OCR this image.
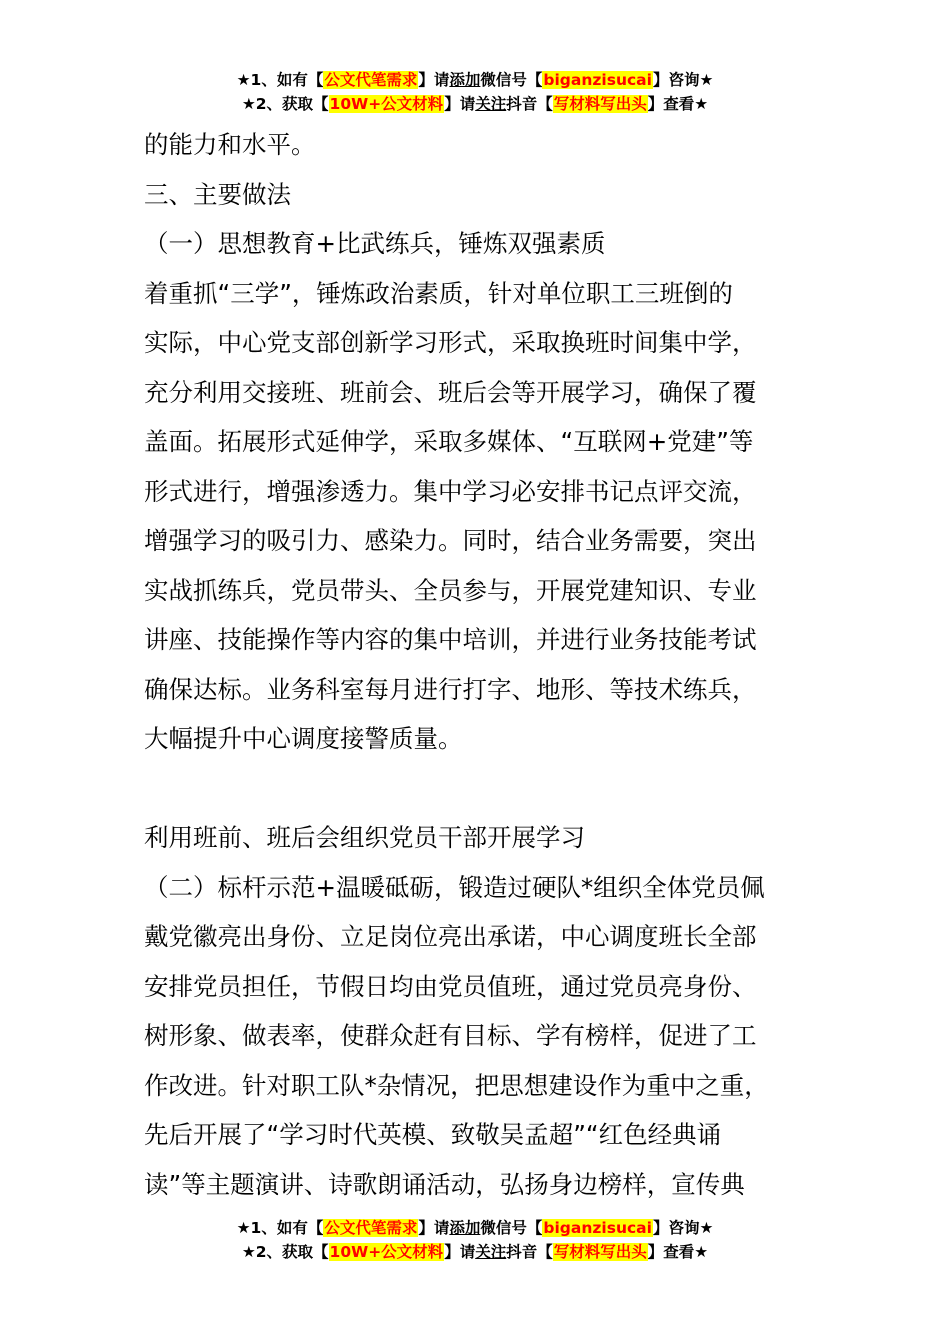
★1、如有【公文代笔需求】请添加微信号【biganzisucai】咨询★
★2、获取【10W+公文材料】请关注抖音【写材料写出头】查看★

的能力和水平。

三、主要做法

（一）思想教育+比武练兵，锤炼双强素质

着重抓“三学”，锤炼政治素质，针对单位职工三班倒的

实际，中心党支部创新学习形式，采取换班时间集中学，

充分利用交接班、班前会、班后会等开展学习，确保了覆

盖面。拓展形式延伸学，采取多媒体、“互联网+党建”等

形式进行，增强渗透力。集中学习必安排书记点评交流，

增强学习的吸引力、感染力。同时，结合业务需要，突出

实战抓练兵，党员带头、全员参与，开展党建知识、专业

讲座、技能操作等内容的集中培训，并进行业务技能考试

确保达标。业务科室每月进行打字、地形、等技术练兵，

大幅提升中心调度接警质量。

利用班前、班后会组织党员干部开展学习

（二）标杆示范+温暖砥砺，锻造过硬队*组织全体党员佩

戴党徽亮出身份、立足岗位亮出承诺，中心调度班长全部

安排党员担任，节假日均由党员值班，通过党员亮身份、

树形象、做表率，使群众赶有目标、学有榜样，促进了工

作改进。针对职工队*杂情况，把思想建设作为重中之重，

先后开展了“学习时代英模、致敬吴孟超”“红色经典诵

读”等主题演讲、诗歌朗诵活动，弘扬身边榜样，宣传典

★1、如有【公文代笔需求】请添加微信号【biganzisucai】咨询★
★2、获取【10W+公文材料】请关注抖音【写材料写出头】查看★
